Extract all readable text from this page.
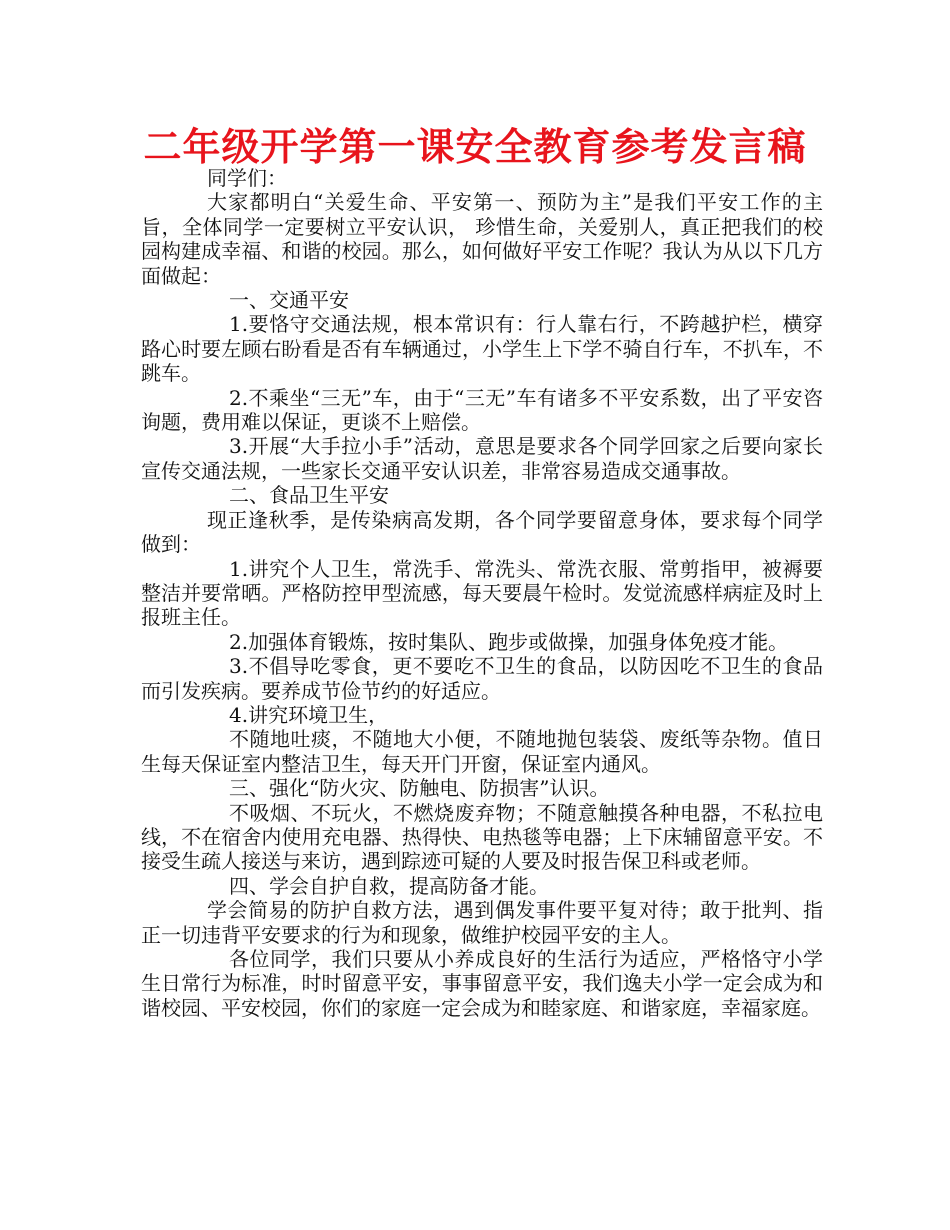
二年级开学第一课安全教育参考发言稿

同学们：

大家都明白“关爱生命、平安第一、预防为主”是我们平安工作的主旨，全体同学一定要树立平安认识， 珍惜生命，关爱别人，真正把我们的校园构建成幸福、和谐的校园。那么，如何做好平安工作呢？我认为从以下几方面做起：

一、交通平安

1.要恪守交通法规，根本常识有：行人靠右行，不跨越护栏，横穿路心时要左顾右盼看是否有车辆通过，小学生上下学不骑自行车，不扒车，不跳车。

2.不乘坐“三无”车，由于“三无”车有诸多不平安系数，出了平安咨询题，费用难以保证，更谈不上赔偿。

3.开展“大手拉小手”活动，意思是要求各个同学回家之后要向家长宣传交通法规，一些家长交通平安认识差，非常容易造成交通事故。

二、食品卫生平安

现正逢秋季，是传染病高发期，各个同学要留意身体，要求每个同学做到：

1.讲究个人卫生，常洗手、常洗头、常洗衣服、常剪指甲，被褥要整洁并要常晒。严格防控甲型流感，每天要晨午检时。发觉流感样病症及时上报班主任。

2.加强体育锻炼，按时集队、跑步或做操，加强身体免疫才能。

3.不倡导吃零食，更不要吃不卫生的食品，以防因吃不卫生的食品而引发疾病。要养成节俭节约的好适应。

4.讲究环境卫生，

不随地吐痰，不随地大小便，不随地抛包装袋、废纸等杂物。值日生每天保证室内整洁卫生，每天开门开窗，保证室内通风。

三、强化“防火灾、防触电、防损害”认识。

不吸烟、不玩火，不燃烧废弃物；不随意触摸各种电器，不私拉电线，不在宿舍内使用充电器、热得快、电热毯等电器；上下床辅留意平安。不接受生疏人接送与来访，遇到踪迹可疑的人要及时报告保卫科或老师。

四、学会自护自救，提高防备才能。

学会简易的防护自救方法，遇到偶发事件要平复对待；敢于批判、指正一切违背平安要求的行为和现象，做维护校园平安的主人。

各位同学，我们只要从小养成良好的生活行为适应，严格恪守小学生日常行为标准，时时留意平安，事事留意平安，我们逸夫小学一定会成为和谐校园、平安校园，你们的家庭一定会成为和睦家庭、和谐家庭，幸福家庭。
